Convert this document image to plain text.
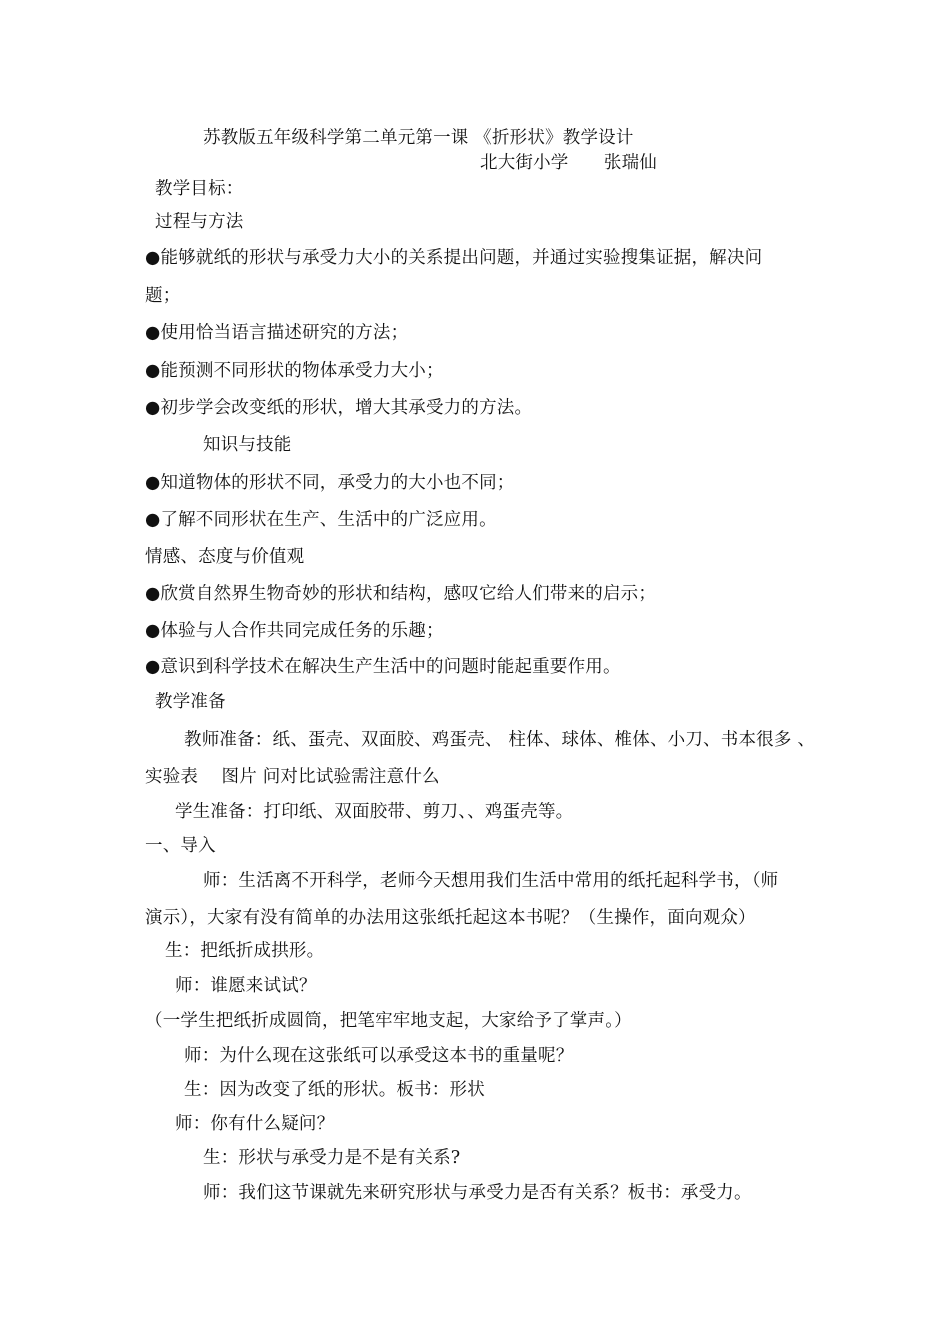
苏教版五年级科学第二单元第一课 《折形状》教学设计
北大街小学　　张瑞仙
教学目标：
过程与方法
●能够就纸的形状与承受力大小的关系提出问题，并通过实验搜集证据，解决问
题；
●使用恰当语言描述研究的方法；
●能预测不同形状的物体承受力大小；
●初步学会改变纸的形状，增大其承受力的方法。
知识与技能
●知道物体的形状不同，承受力的大小也不同；
●了解不同形状在生产、生活中的广泛应用。
情感、态度与价值观
●欣赏自然界生物奇妙的形状和结构，感叹它给人们带来的启示；
●体验与人合作共同完成任务的乐趣；
●意识到科学技术在解决生产生活中的问题时能起重要作用。
教学准备
教师准备：纸、蛋壳、双面胶、鸡蛋壳、 柱体、球体、椎体、小刀、书本很多 、
实验表　 图片 问对比试验需注意什么
学生准备：打印纸、双面胶带、剪刀、、鸡蛋壳等。
一、导入
师：生活离不开科学，老师今天想用我们生活中常用的纸托起科学书，（师
演示），大家有没有简单的办法用这张纸托起这本书呢？（生操作，面向观众）
生：把纸折成拱形。
师：谁愿来试试？
（一学生把纸折成圆筒，把笔牢牢地支起，大家给予了掌声。）
师：为什么现在这张纸可以承受这本书的重量呢？
生：因为改变了纸的形状。板书：形状
师：你有什么疑问？
生：形状与承受力是不是有关系?
师：我们这节课就先来研究形状与承受力是否有关系？板书：承受力。
